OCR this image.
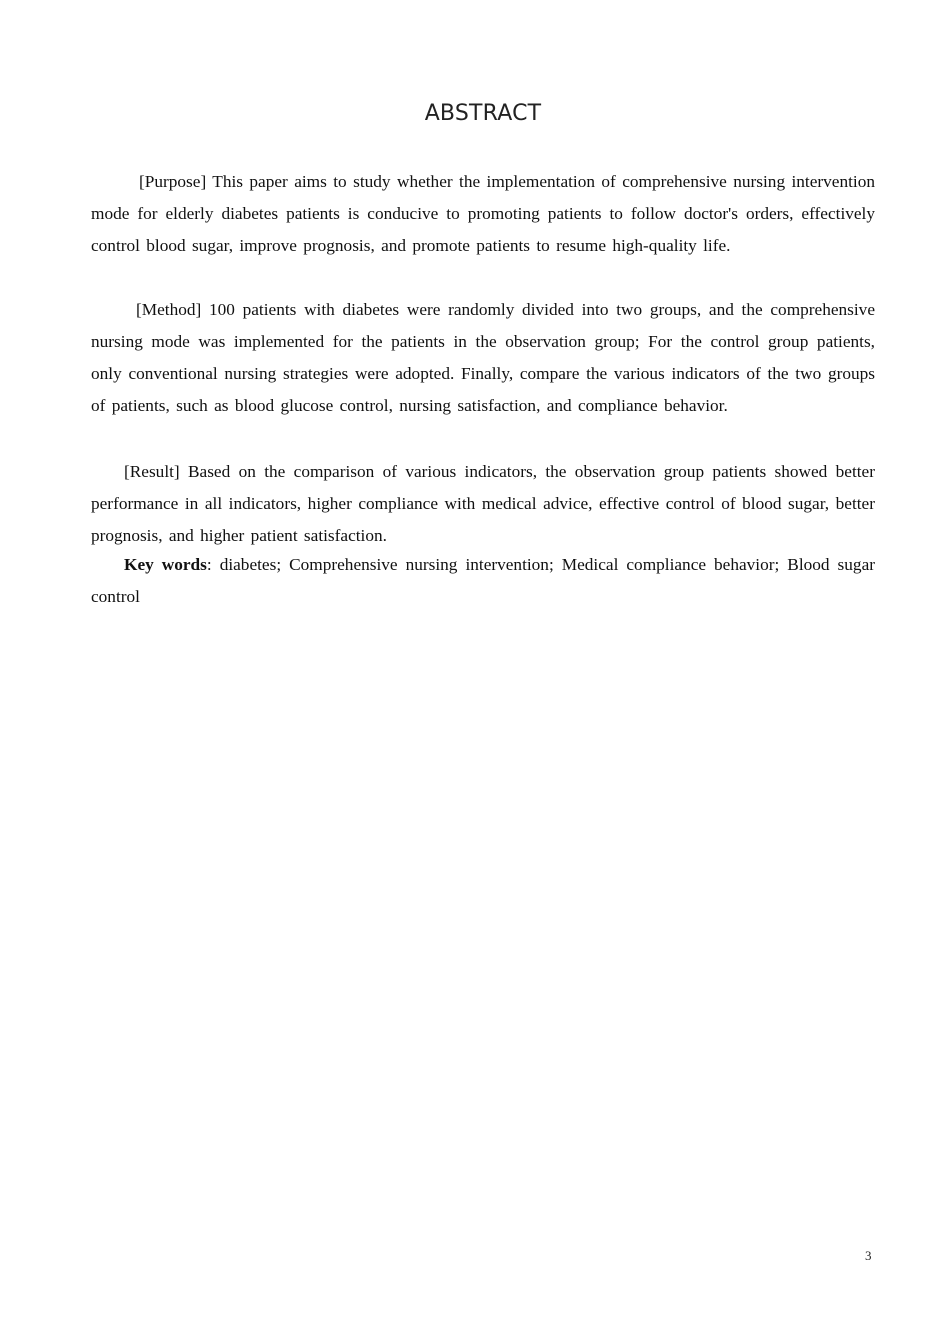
ABSTRACT

[Purpose] This paper aims to study whether the implementation of comprehensive nursing intervention mode for elderly diabetes patients is conducive to promoting patients to follow doctor's orders, effectively control blood sugar, improve prognosis, and promote patients to resume high-quality life.

[Method] 100 patients with diabetes were randomly divided into two groups, and the comprehensive nursing mode was implemented for the patients in the observation group; For the control group patients, only conventional nursing strategies were adopted. Finally, compare the various indicators of the two groups of patients, such as blood glucose control, nursing satisfaction, and compliance behavior.

[Result] Based on the comparison of various indicators, the observation group patients showed better performance in all indicators, higher compliance with medical advice, effective control of blood sugar, better prognosis, and higher patient satisfaction.

Key words: diabetes; Comprehensive nursing intervention; Medical compliance behavior; Blood sugar control

3
